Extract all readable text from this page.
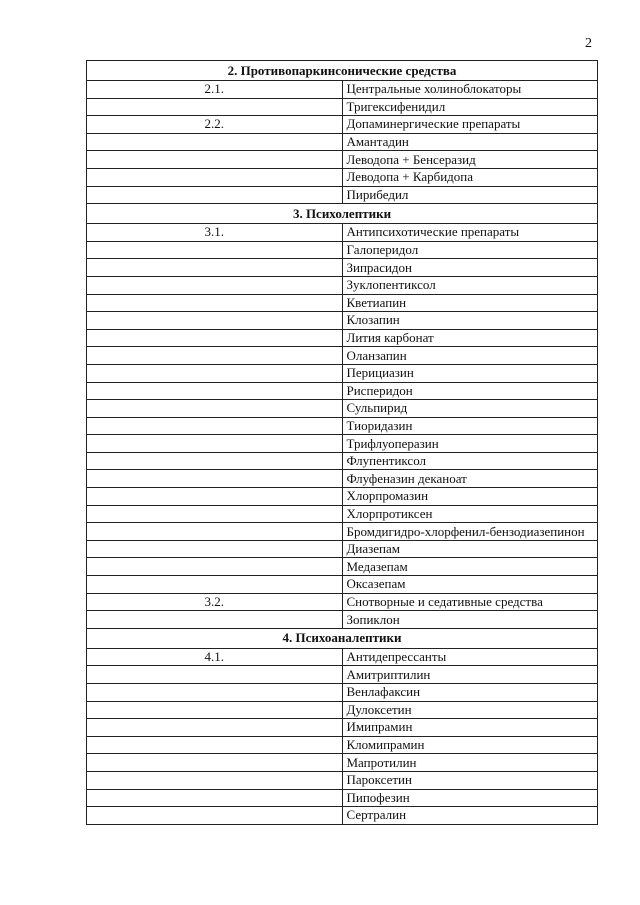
2
2. Противопаркинсонические средства	
2.1.	Центральные холиноблокаторы
	Тригексифенидил
2.2.	Допаминергические препараты
	Амантадин
	Леводопа + Бенсеразид
	Леводопа + Карбидопа
	Пирибедил
3. Психолептики	
3.1.	Антипсихотические препараты
	Галоперидол
	Зипрасидон
	Зуклопентиксол
	Кветиапин
	Клозапин
	Лития карбонат
	Оланзапин
	Перициазин
	Рисперидон
	Сульпирид
	Тиоридазин
	Трифлуоперазин
	Флупентиксол
	Флуфеназин деканоат
	Хлорпромазин
	Хлорпротиксен
	Бромдигидро-хлорфенил-бензодиазепинон
	Диазепам
	Медазепам
	Оксазепам
3.2.	Снотворные и седативные средства
	Зопиклон
4. Психоаналептики	
4.1.	Антидепрессанты
	Амитриптилин
	Венлафаксин
	Дулоксетин
	Имипрамин
	Кломипрамин
	Мапротилин
	Пароксетин
	Пипофезин
	Сертралин
